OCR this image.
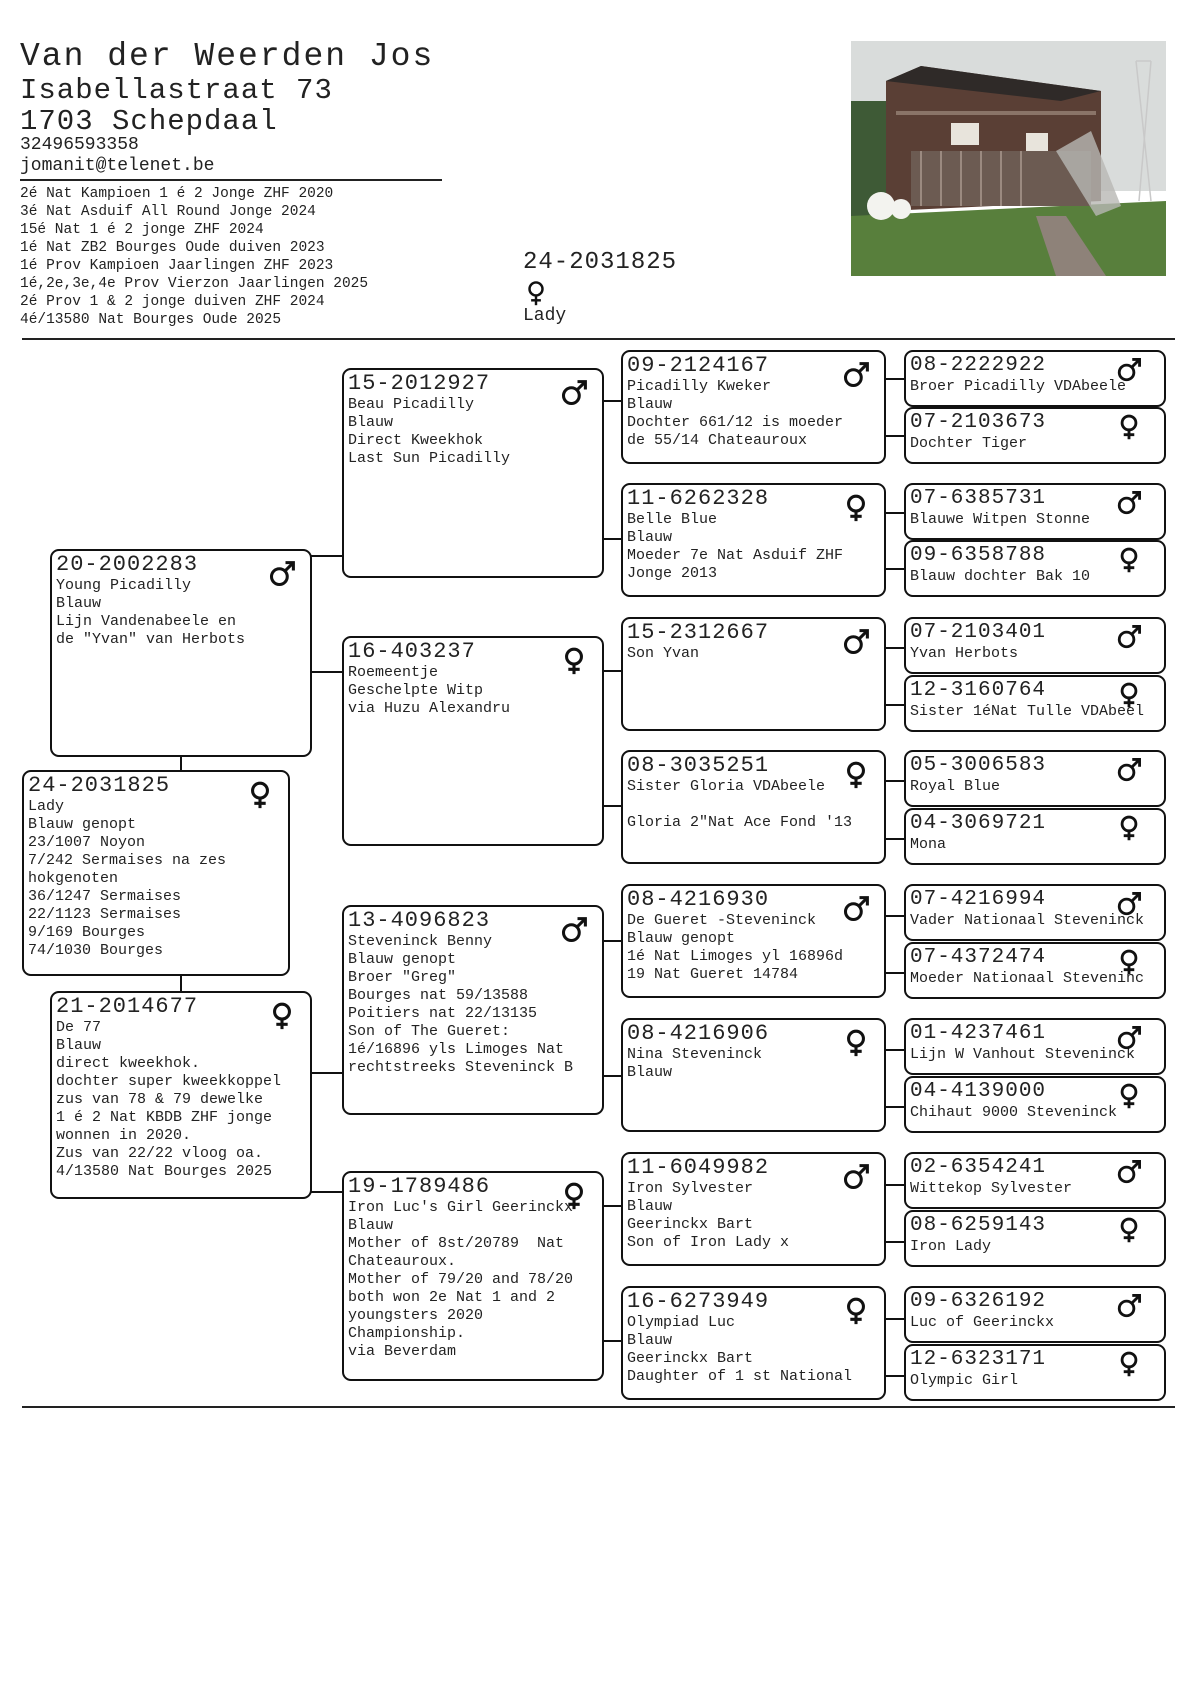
Van der Weerden Jos
Isabellastraat 73
1703 Schepdaal
32496593358
jomanit@telenet.be
2é Nat Kampioen 1 é 2 Jonge ZHF 2020
3é Nat Asduif All Round Jonge 2024
15é Nat 1 é 2 jonge ZHF 2024
1é Nat ZB2 Bourges Oude duiven 2023
1é Prov Kampioen Jaarlingen ZHF 2023
1é,2e,3e,4e Prov Vierzon Jaarlingen 2025
2é Prov 1 & 2 jonge duiven ZHF 2024
4é/13580 Nat Bourges Oude 2025
24-2031825
Lady
24-2031825
Lady
Blauw genopt
23/1007 Noyon
7/242 Sermaises na zes
hokgenoten
36/1247 Sermaises
22/1123 Sermaises
9/169 Bourges
74/1030 Bourges
20-2002283
Young Picadilly
Blauw
Lijn Vandenabeele en
de "Yvan" van Herbots
21-2014677
De 77
Blauw
direct kweekhok.
dochter super kweekkoppel
zus van 78 & 79 dewelke
1 é 2 Nat KBDB ZHF jonge
wonnen in 2020.
Zus van 22/22 vloog oa.
4/13580 Nat Bourges 2025
15-2012927
Beau Picadilly
Blauw
Direct Kweekhok
Last Sun Picadilly
16-403237
Roemeentje
Geschelpte Witp
via Huzu Alexandru
13-4096823
Steveninck Benny
Blauw genopt
Broer "Greg"
Bourges nat 59/13588
Poitiers nat 22/13135
Son of The Gueret:
1é/16896 yls Limoges Nat
rechtstreeks Steveninck B
19-1789486
Iron Luc's Girl Geerinckx
Blauw
Mother of 8st/20789  Nat
Chateauroux.
Mother of 79/20 and 78/20
both won 2e Nat 1 and 2
youngsters 2020
Championship.
via Beverdam
09-2124167
Picadilly Kweker
Blauw
Dochter 661/12 is moeder
de 55/14 Chateauroux
11-6262328
Belle Blue
Blauw
Moeder 7e Nat Asduif ZHF
Jonge 2013
15-2312667
Son Yvan
08-3035251
Sister Gloria VDAbeele

Gloria 2"Nat Ace Fond '13
08-4216930
De Gueret -Steveninck
Blauw genopt
1é Nat Limoges yl 16896d
19 Nat Gueret 14784
08-4216906
Nina Steveninck
Blauw
11-6049982
Iron Sylvester
Blauw
Geerinckx Bart
Son of Iron Lady x
16-6273949
Olympiad Luc
Blauw
Geerinckx Bart
Daughter of 1 st National
08-2222922
Broer Picadilly VDAbeele
07-2103673
Dochter Tiger
07-6385731
Blauwe Witpen Stonne
09-6358788
Blauw dochter Bak 10
07-2103401
Yvan Herbots
12-3160764
Sister 1éNat Tulle VDAbeel
05-3006583
Royal Blue
04-3069721
Mona
07-4216994
Vader Nationaal Steveninck
07-4372474
Moeder Nationaal Steveninc
01-4237461
Lijn W Vanhout Steveninck
04-4139000
Chihaut 9000 Steveninck
02-6354241
Wittekop Sylvester
08-6259143
Iron Lady
09-6326192
Luc of Geerinckx
12-6323171
Olympic Girl
